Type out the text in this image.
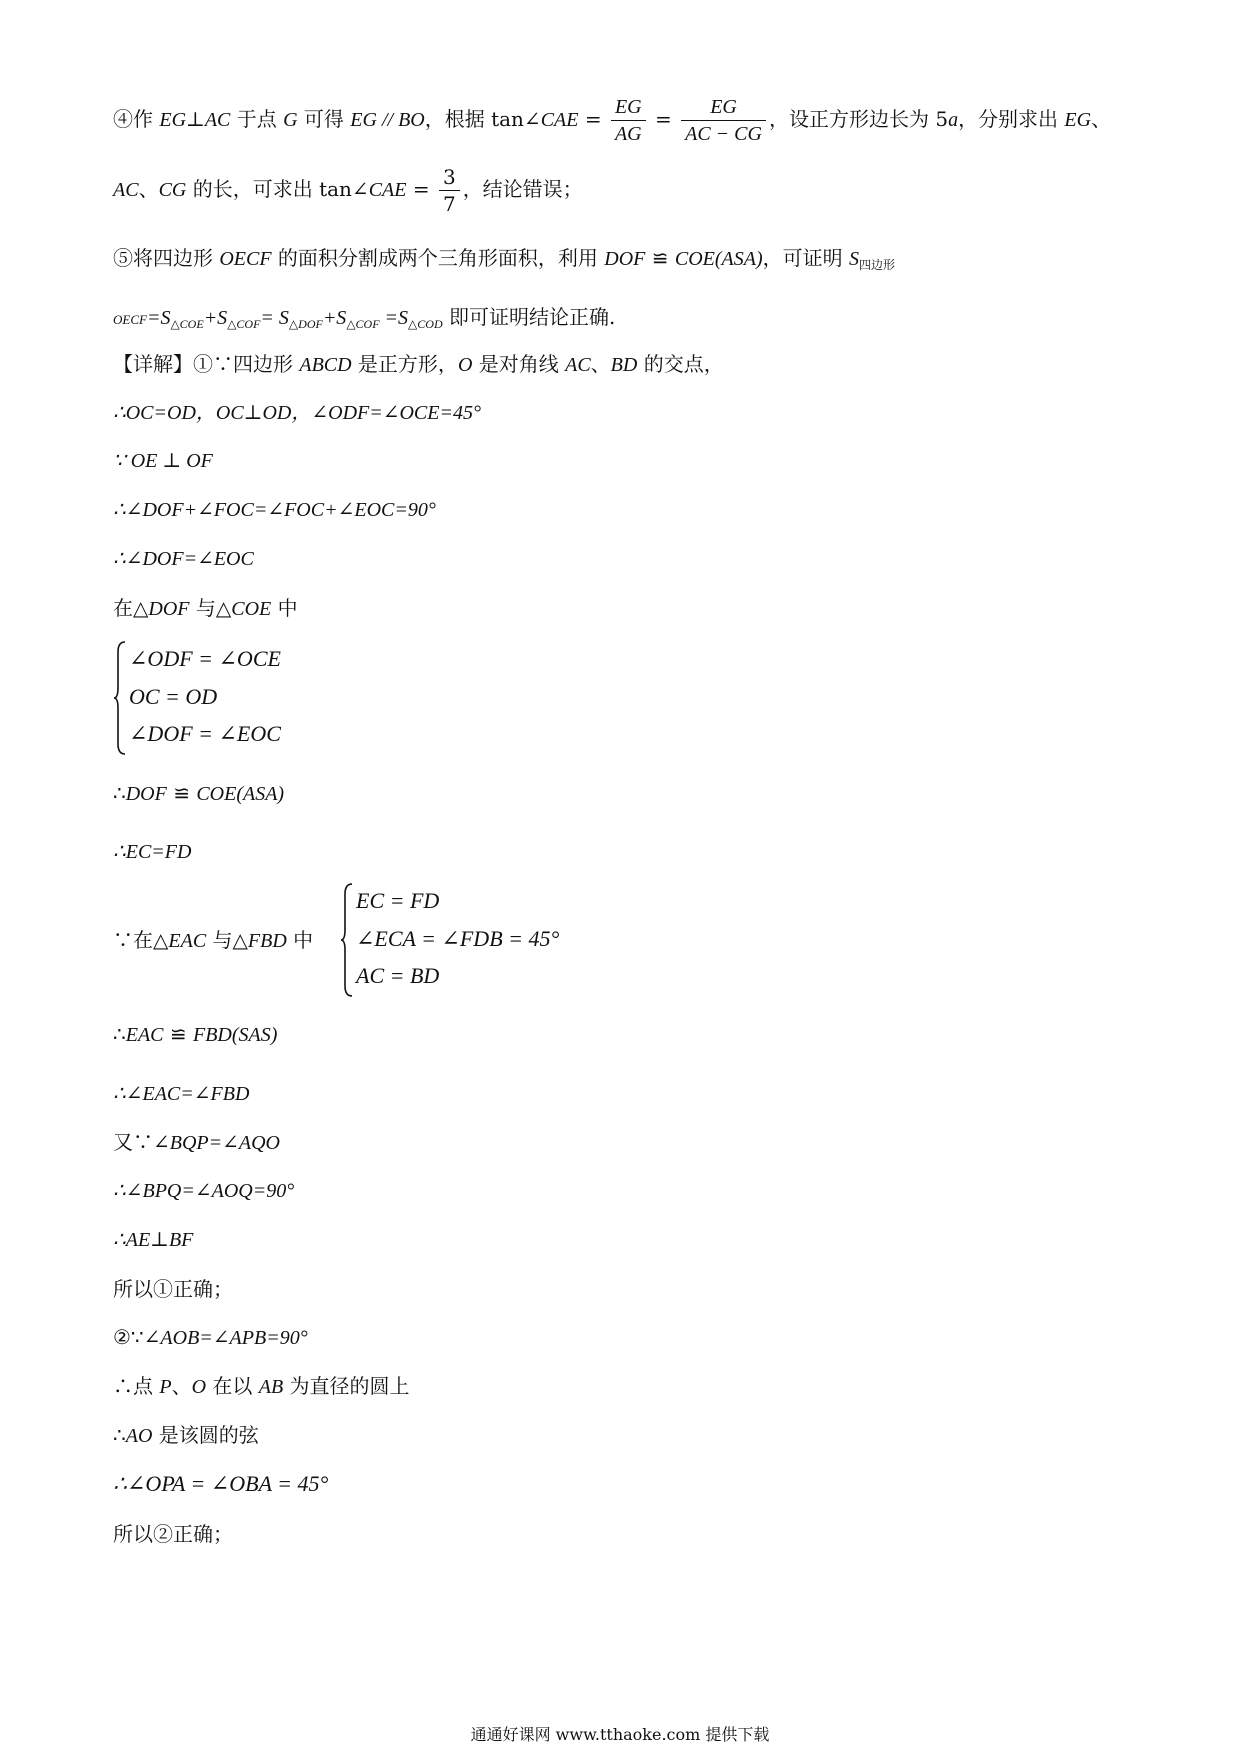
④作 EG⊥AC 于点 G 可得 EG // BO，根据 tan∠CAE = $\frac{EG}{AG} = \frac{EG}{AC - CG}$ ，设正方形边长为 5a，分别求出 EG、
AC、CG 的长，可求出 tan∠CAE = $\frac{3}{7}$ ，结论错误；
⑤将四边形 OECF 的面积分割成两个三角形面积，利用 DOF ≌ COE(ASA)，可证明 $S_{四边形}$
$OECF=S_{\triangle COE}+S_{\triangle COF}= S_{\triangle DOF}+S_{\triangle COF} =S_{\triangle COD}$ 即可证明结论正确.
【详解】①∵四边形 ABCD 是正方形，O 是对角线 AC、BD 的交点，
∴OC=OD，OC⊥OD，∠ODF=∠OCE=45°
∵ OE ⊥ OF
∴∠DOF+∠FOC=∠FOC+∠EOC=90°
∴∠DOF=∠EOC
在△DOF 与△COE 中
∠ODF = ∠OCE
OC = OD
∠DOF = ∠EOC
∴DOF ≌ COE(ASA)
∴EC=FD
∵在△EAC 与△FBD 中
EC = FD
∠ECA = ∠FDB = 45°
AC = BD
∴EAC ≌ FBD(SAS)
∴∠EAC=∠FBD
又∵∠BQP=∠AQO
∴∠BPQ=∠AOQ=90°
∴AE⊥BF
所以①正确；
②∵∠AOB=∠APB=90°
∴点 P、O 在以 AB 为直径的圆上
∴AO 是该圆的弦
∴∠OPA = ∠OBA = 45°
所以②正确；
通通好课网 www.tthaoke.com 提供下载
